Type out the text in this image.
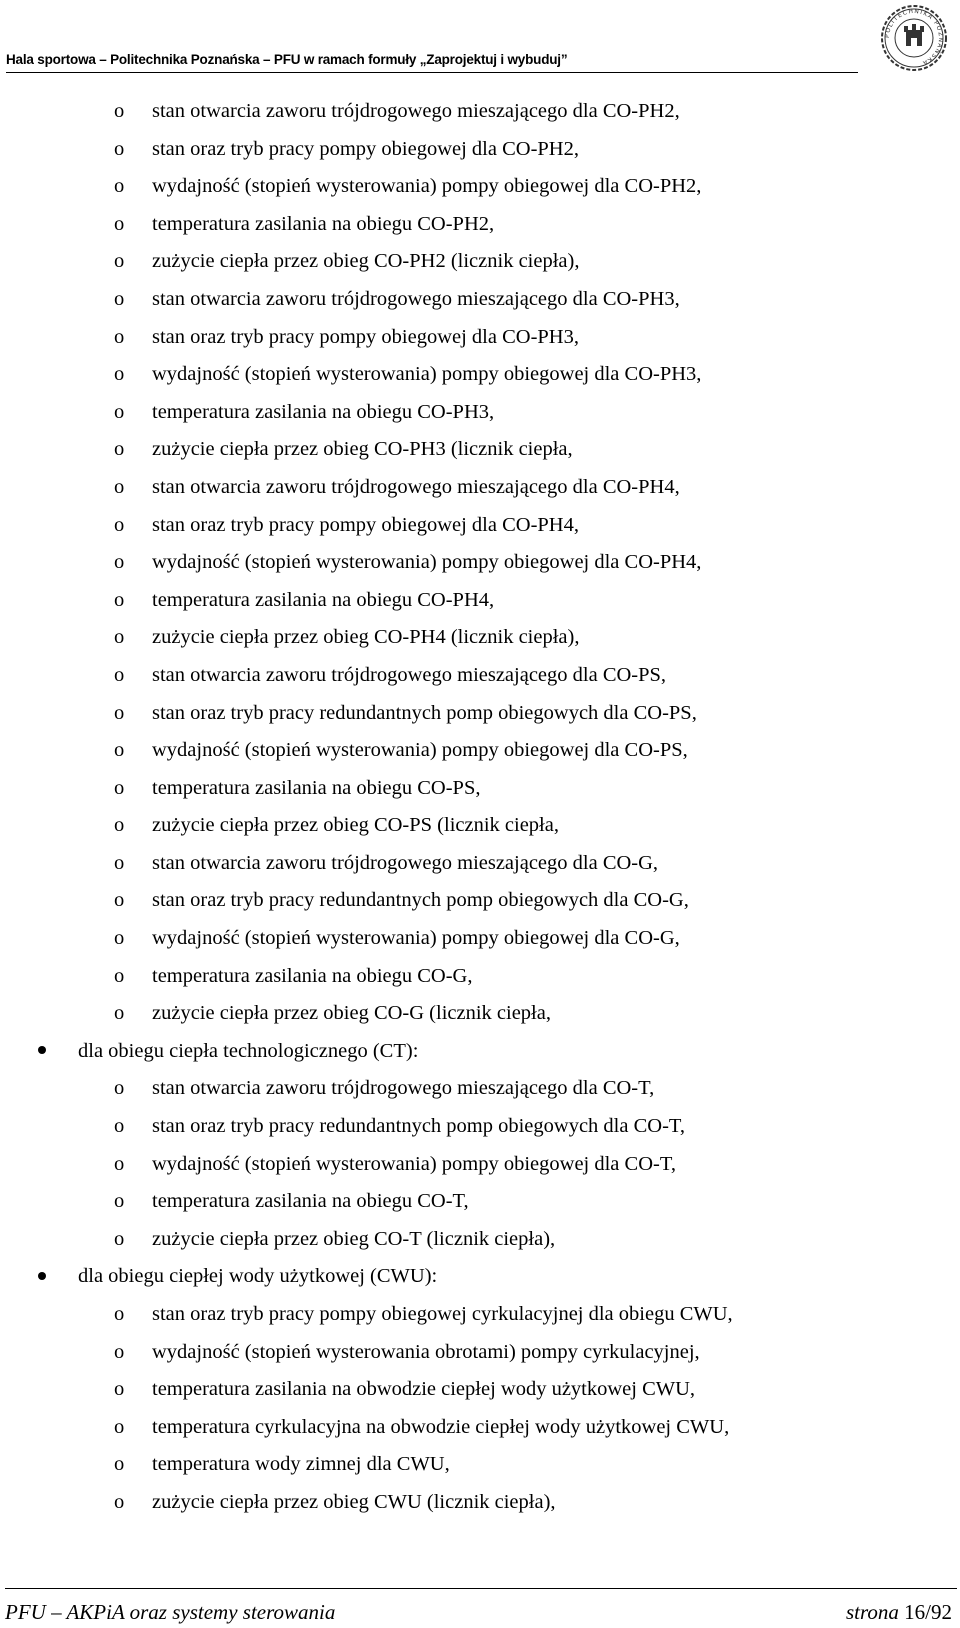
Hala sportowa – Politechnika Poznańska – PFU w ramach formuły „Zaprojektuj i wybuduj”
POLITECHNIKA POZNAŃSKA
o stan otwarcia zaworu trójdrogowego mieszającego dla CO-PH2,
o stan oraz tryb pracy pompy obiegowej dla CO-PH2,
o wydajność (stopień wysterowania) pompy obiegowej dla CO-PH2,
o temperatura zasilania na obiegu CO-PH2,
o zużycie ciepła przez obieg CO-PH2 (licznik ciepła),
o stan otwarcia zaworu trójdrogowego mieszającego dla CO-PH3,
o stan oraz tryb pracy pompy obiegowej dla CO-PH3,
o wydajność (stopień wysterowania) pompy obiegowej dla CO-PH3,
o temperatura zasilania na obiegu CO-PH3,
o zużycie ciepła przez obieg CO-PH3 (licznik ciepła,
o stan otwarcia zaworu trójdrogowego mieszającego dla CO-PH4,
o stan oraz tryb pracy pompy obiegowej dla CO-PH4,
o wydajność (stopień wysterowania) pompy obiegowej dla CO-PH4,
o temperatura zasilania na obiegu CO-PH4,
o zużycie ciepła przez obieg CO-PH4 (licznik ciepła),
o stan otwarcia zaworu trójdrogowego mieszającego dla CO-PS,
o stan oraz tryb pracy redundantnych pomp obiegowych dla CO-PS,
o wydajność (stopień wysterowania) pompy obiegowej dla CO-PS,
o temperatura zasilania na obiegu CO-PS,
o zużycie ciepła przez obieg CO-PS (licznik ciepła,
o stan otwarcia zaworu trójdrogowego mieszającego dla CO-G,
o stan oraz tryb pracy redundantnych pomp obiegowych dla CO-G,
o wydajność (stopień wysterowania) pompy obiegowej dla CO-G,
o temperatura zasilania na obiegu CO-G,
o zużycie ciepła przez obieg CO-G (licznik ciepła,
dla obiegu ciepła technologicznego (CT):
o stan otwarcia zaworu trójdrogowego mieszającego dla CO-T,
o stan oraz tryb pracy redundantnych pomp obiegowych dla CO-T,
o wydajność (stopień wysterowania) pompy obiegowej dla CO-T,
o temperatura zasilania na obiegu CO-T,
o zużycie ciepła przez obieg CO-T (licznik ciepła),
dla obiegu ciepłej wody użytkowej (CWU):
o stan oraz tryb pracy pompy obiegowej cyrkulacyjnej dla obiegu CWU,
o wydajność (stopień wysterowania obrotami) pompy cyrkulacyjnej,
o temperatura zasilania na obwodzie ciepłej wody użytkowej CWU,
o temperatura cyrkulacyjna na obwodzie ciepłej wody użytkowej CWU,
o temperatura wody zimnej dla CWU,
o zużycie ciepła przez obieg CWU (licznik ciepła),
PFU – AKPiA oraz systemy sterowania	strona 16/92
